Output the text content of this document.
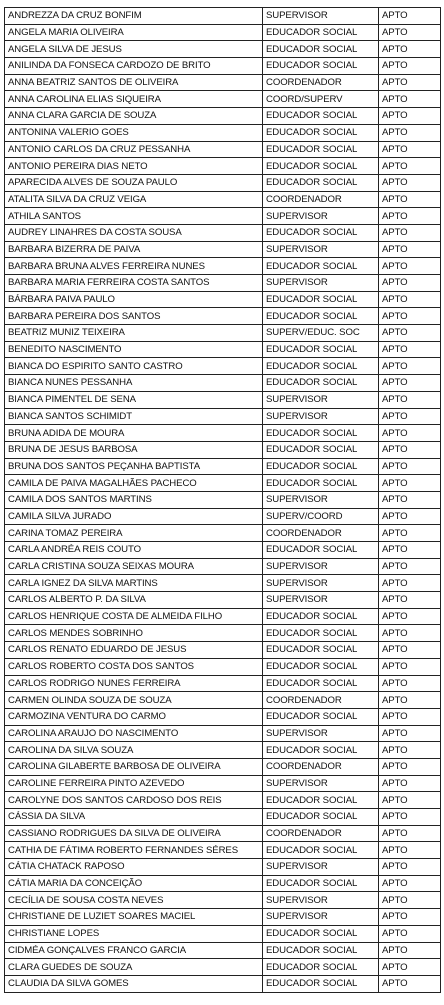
ANDREZZA DA CRUZ BONFIM	SUPERVISOR	APTO
ANGELA MARIA OLIVEIRA	EDUCADOR SOCIAL	APTO
ANGELA SILVA DE JESUS	EDUCADOR SOCIAL	APTO
ANILINDA DA FONSECA CARDOZO DE BRITO	EDUCADOR SOCIAL	APTO
ANNA BEATRIZ SANTOS DE OLIVEIRA	COORDENADOR	APTO
ANNA CAROLINA ELIAS SIQUEIRA	COORD/SUPERV	APTO
ANNA CLARA GARCIA DE SOUZA	EDUCADOR SOCIAL	APTO
ANTONINA VALERIO GOES	EDUCADOR SOCIAL	APTO
ANTONIO CARLOS DA CRUZ PESSANHA	EDUCADOR SOCIAL	APTO
ANTONIO PEREIRA DIAS NETO	EDUCADOR SOCIAL	APTO
APARECIDA ALVES DE SOUZA PAULO	EDUCADOR SOCIAL	APTO
ATALITA SILVA DA CRUZ VEIGA	COORDENADOR	APTO
ATHILA SANTOS	SUPERVISOR	APTO
AUDREY LINAHRES DA COSTA SOUSA	EDUCADOR SOCIAL	APTO
BARBARA BIZERRA DE PAIVA	SUPERVISOR	APTO
BARBARA BRUNA ALVES FERREIRA NUNES	EDUCADOR SOCIAL	APTO
BARBARA MARIA FERREIRA COSTA SANTOS	SUPERVISOR	APTO
BÁRBARA PAIVA PAULO	EDUCADOR SOCIAL	APTO
BARBARA PEREIRA DOS SANTOS	EDUCADOR SOCIAL	APTO
BEATRIZ MUNIZ TEIXEIRA	SUPERV/EDUC. SOC	APTO
BENEDITO NASCIMENTO	EDUCADOR SOCIAL	APTO
BIANCA DO ESPIRITO SANTO CASTRO	EDUCADOR SOCIAL	APTO
BIANCA NUNES PESSANHA	EDUCADOR SOCIAL	APTO
BIANCA PIMENTEL DE SENA	SUPERVISOR	APTO
BIANCA SANTOS SCHIMIDT	SUPERVISOR	APTO
BRUNA ADIDA DE MOURA	EDUCADOR SOCIAL	APTO
BRUNA DE JESUS BARBOSA	EDUCADOR SOCIAL	APTO
BRUNA DOS SANTOS PEÇANHA BAPTISTA	EDUCADOR SOCIAL	APTO
CAMILA DE PAIVA MAGALHÃES PACHECO	EDUCADOR SOCIAL	APTO
CAMILA DOS SANTOS MARTINS	SUPERVISOR	APTO
CAMILA SILVA JURADO	SUPERV/COORD	APTO
CARINA TOMAZ PEREIRA	COORDENADOR	APTO
CARLA ANDRÉA REIS COUTO	EDUCADOR SOCIAL	APTO
CARLA CRISTINA SOUZA SEIXAS MOURA	SUPERVISOR	APTO
CARLA IGNEZ DA SILVA MARTINS	SUPERVISOR	APTO
CARLOS ALBERTO P. DA SILVA	SUPERVISOR	APTO
CARLOS HENRIQUE COSTA DE ALMEIDA FILHO	EDUCADOR SOCIAL	APTO
CARLOS MENDES SOBRINHO	EDUCADOR SOCIAL	APTO
CARLOS RENATO EDUARDO DE JESUS	EDUCADOR SOCIAL	APTO
CARLOS ROBERTO COSTA DOS SANTOS	EDUCADOR SOCIAL	APTO
CARLOS RODRIGO NUNES FERREIRA	EDUCADOR SOCIAL	APTO
CARMEN OLINDA SOUZA DE SOUZA	COORDENADOR	APTO
CARMOZINA VENTURA DO CARMO	EDUCADOR SOCIAL	APTO
CAROLINA ARAUJO DO NASCIMENTO	SUPERVISOR	APTO
CAROLINA DA SILVA SOUZA	EDUCADOR SOCIAL	APTO
CAROLINA GILABERTE BARBOSA DE OLIVEIRA	COORDENADOR	APTO
CAROLINE FERREIRA PINTO AZEVEDO	SUPERVISOR	APTO
CAROLYNE DOS SANTOS CARDOSO DOS REIS	EDUCADOR SOCIAL	APTO
CÁSSIA DA SILVA	EDUCADOR SOCIAL	APTO
CASSIANO RODRIGUES DA SILVA DE OLIVEIRA	COORDENADOR	APTO
CATHIA DE FÁTIMA ROBERTO FERNANDES SÉRES	EDUCADOR SOCIAL	APTO
CÁTIA CHATACK RAPOSO	SUPERVISOR	APTO
CÁTIA MARIA DA CONCEIÇÃO	EDUCADOR SOCIAL	APTO
CECÍLIA DE SOUSA COSTA NEVES	SUPERVISOR	APTO
CHRISTIANE DE LUZIET SOARES MACIEL	SUPERVISOR	APTO
CHRISTIANE LOPES	EDUCADOR SOCIAL	APTO
CIDMÉA GONÇALVES FRANCO GARCIA	EDUCADOR SOCIAL	APTO
CLARA GUEDES DE SOUZA	EDUCADOR SOCIAL	APTO
CLAUDIA DA SILVA GOMES	EDUCADOR SOCIAL	APTO
